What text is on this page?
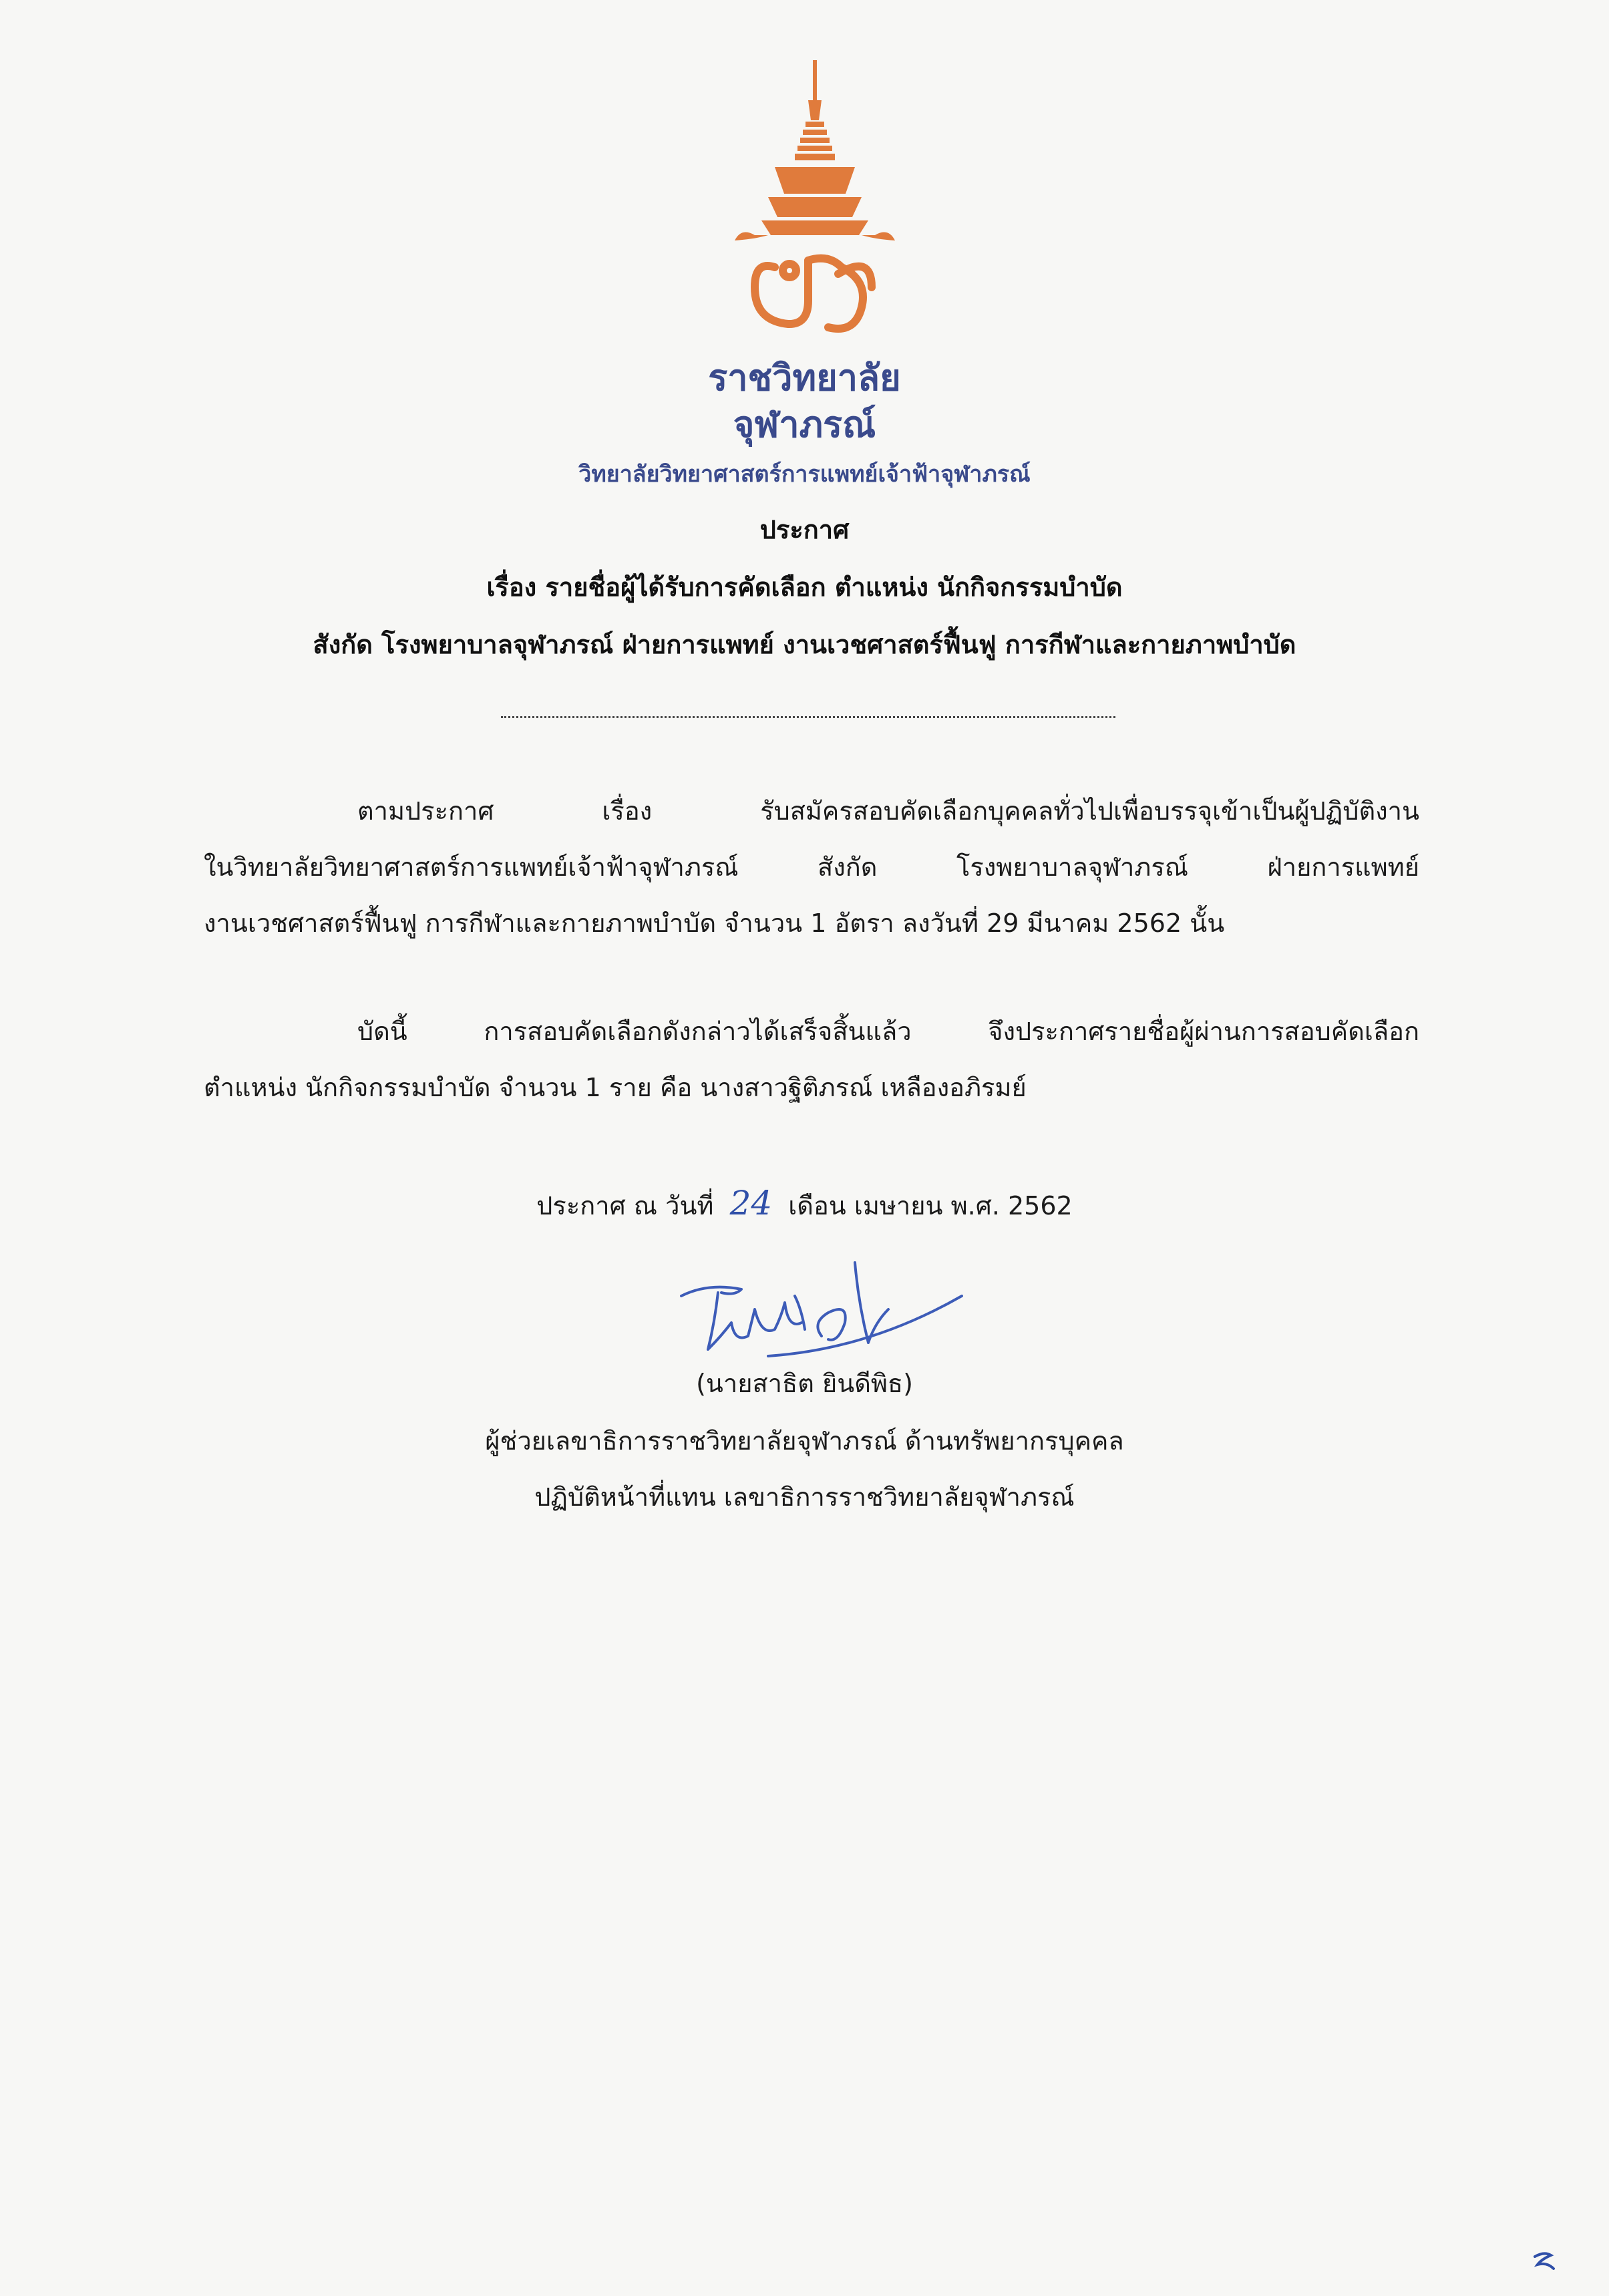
ราชวิทยาลัย
จุฬาภรณ์
วิทยาลัยวิทยาศาสตร์การแพทย์เจ้าฟ้าจุฬาภรณ์
ประกาศ
เรื่อง รายชื่อผู้ได้รับการคัดเลือก ตำแหน่ง นักกิจกรรมบำบัด
สังกัด โรงพยาบาลจุฬาภรณ์ ฝ่ายการแพทย์ งานเวชศาสตร์ฟื้นฟู การกีฬาและกายภาพบำบัด
ตามประกาศ เรื่อง รับสมัครสอบคัดเลือกบุคคลทั่วไปเพื่อบรรจุเข้าเป็นผู้ปฏิบัติงาน
ในวิทยาลัยวิทยาศาสตร์การแพทย์เจ้าฟ้าจุฬาภรณ์ สังกัด โรงพยาบาลจุฬาภรณ์ ฝ่ายการแพทย์
งานเวชศาสตร์ฟื้นฟู การกีฬาและกายภาพบำบัด จำนวน 1 อัตรา ลงวันที่ 29 มีนาคม 2562 นั้น
บัดนี้ การสอบคัดเลือกดังกล่าวได้เสร็จสิ้นแล้ว จึงประกาศรายชื่อผู้ผ่านการสอบคัดเลือก
ตำแหน่ง นักกิจกรรมบำบัด จำนวน 1 ราย คือ นางสาวฐิติภรณ์ เหลืองอภิรมย์
ประกาศ ณ วันที่ 24 เดือน เมษายน พ.ศ. 2562
(นายสาธิต ยินดีพิธ)
ผู้ช่วยเลขาธิการราชวิทยาลัยจุฬาภรณ์ ด้านทรัพยากรบุคคล
ปฏิบัติหน้าที่แทน เลขาธิการราชวิทยาลัยจุฬาภรณ์
